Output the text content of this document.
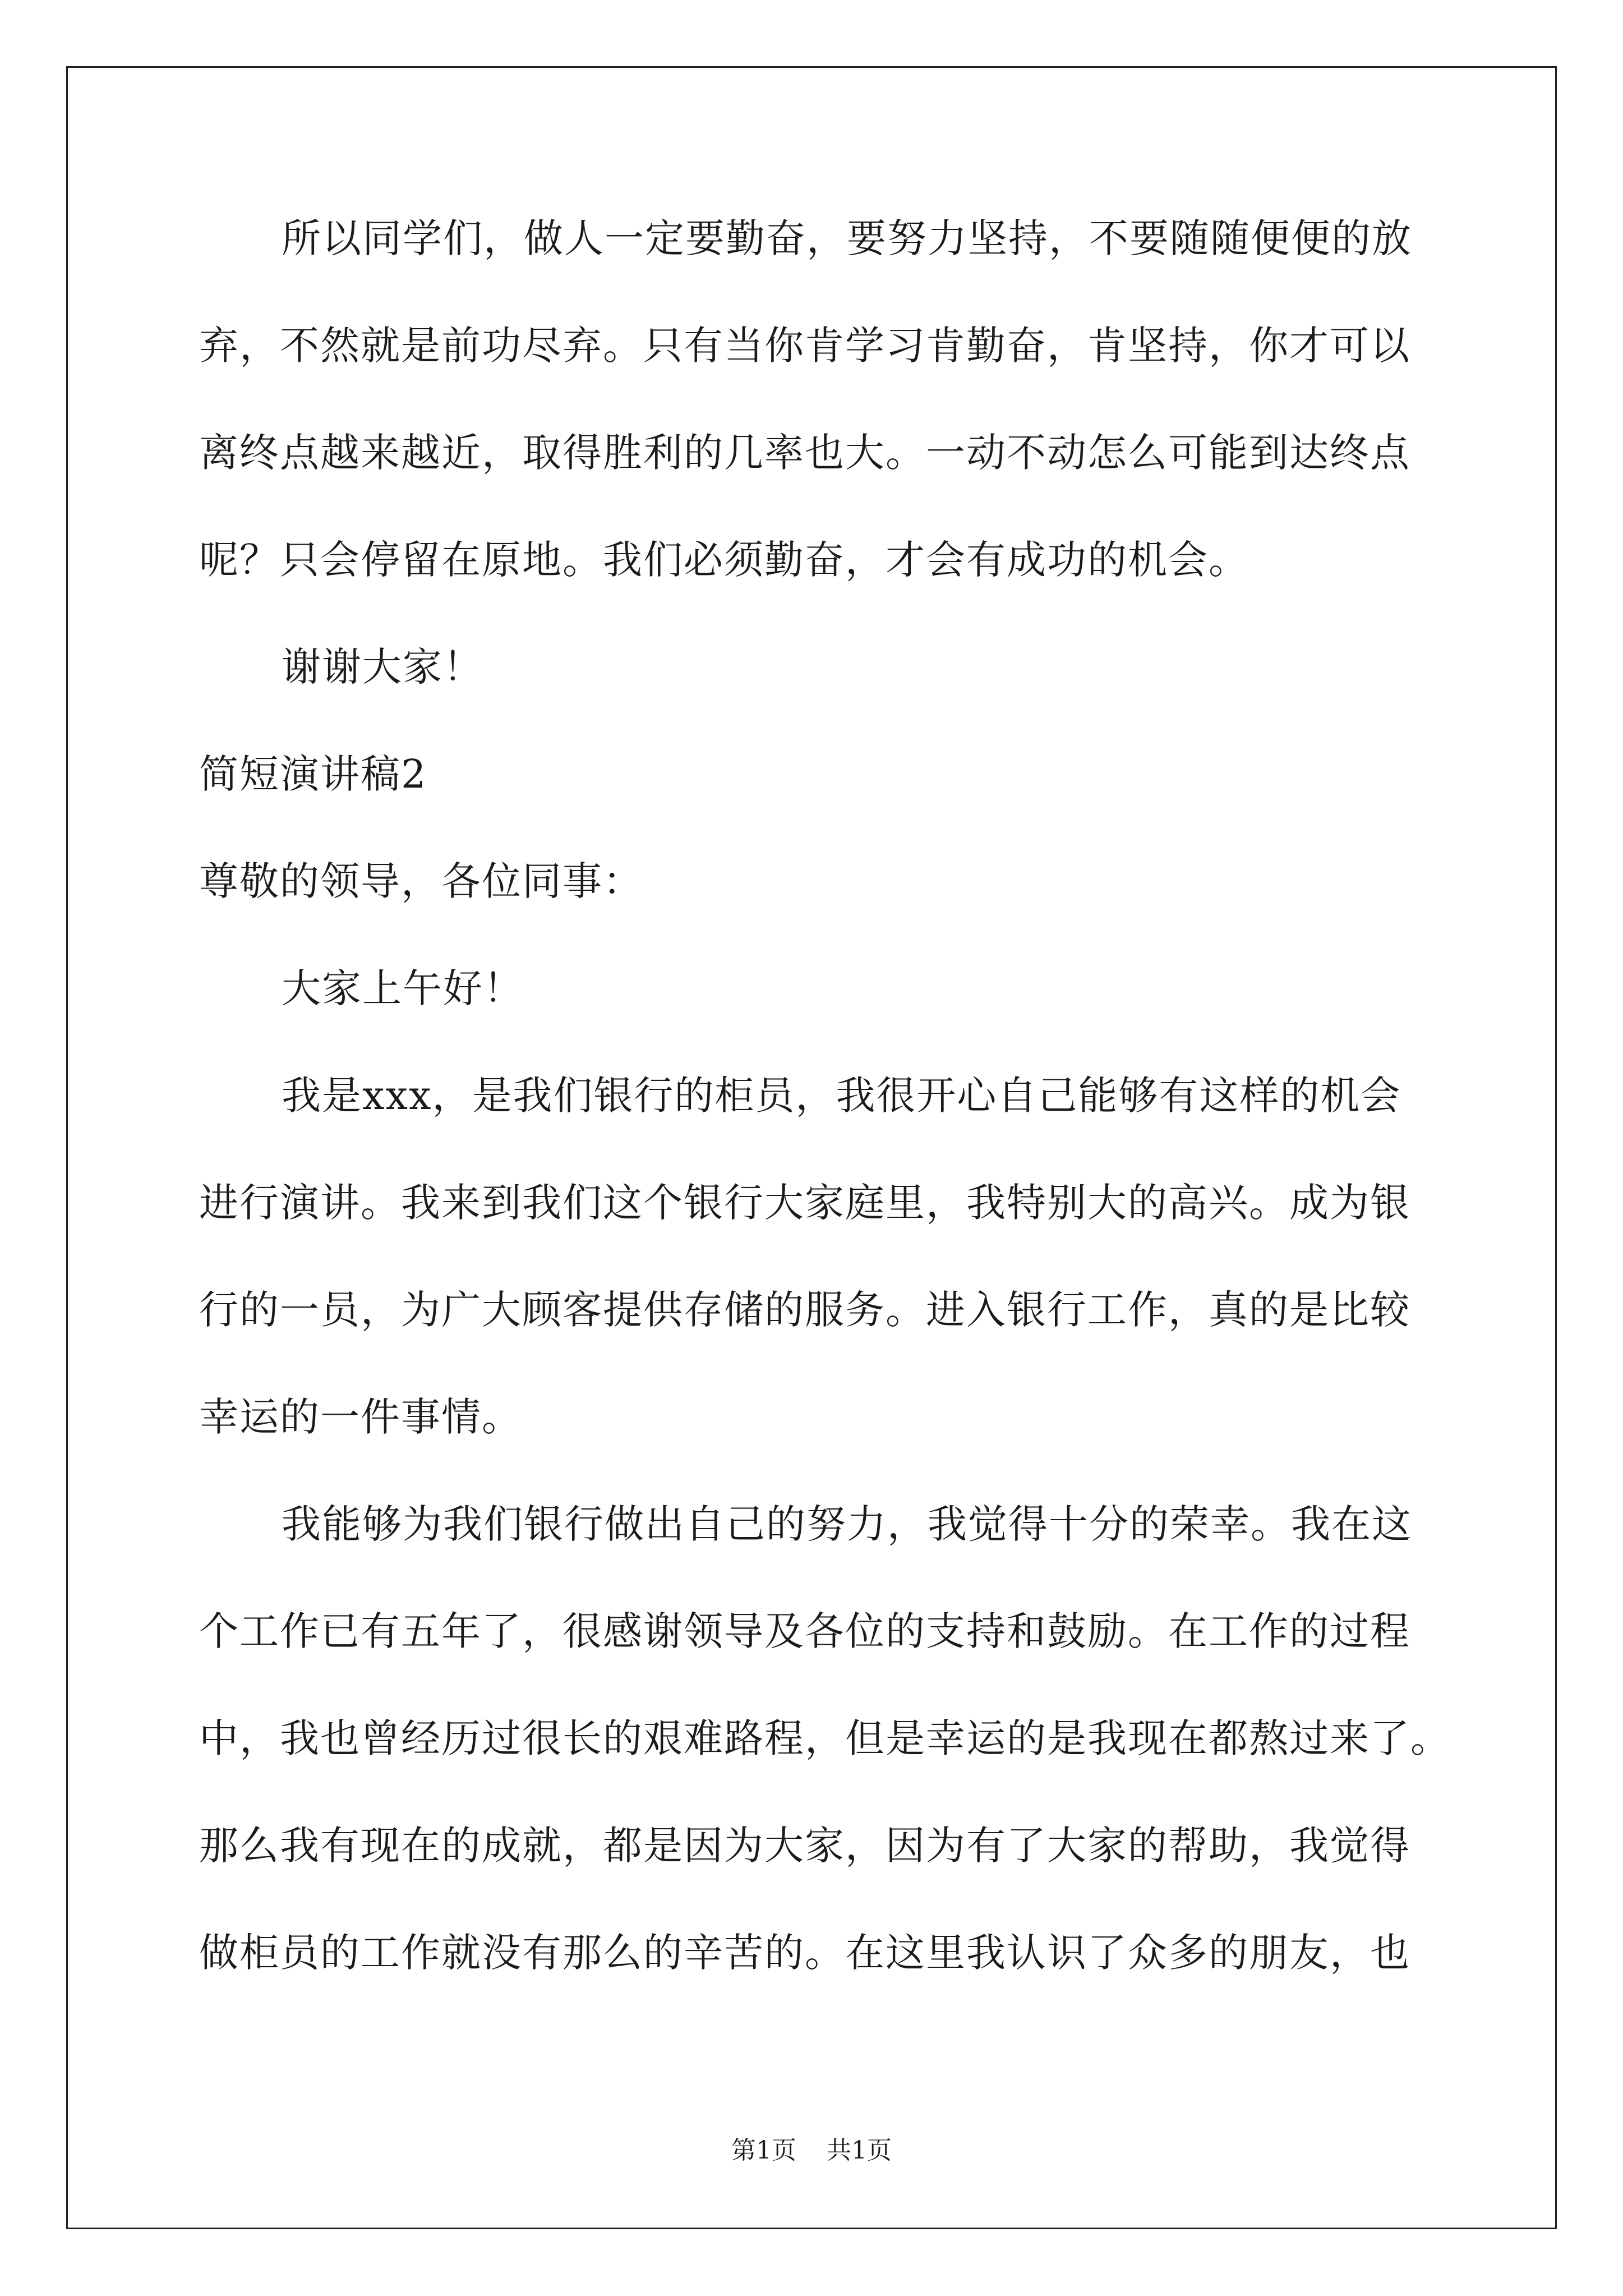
所以同学们，做人一定要勤奋，要努力坚持，不要随随便便的放

弃，不然就是前功尽弃。只有当你肯学习肯勤奋，肯坚持，你才可以

离终点越来越近，取得胜利的几率也大。一动不动怎么可能到达终点

呢？只会停留在原地。我们必须勤奋，才会有成功的机会。

谢谢大家！

简短演讲稿2

尊敬的领导，各位同事：

大家上午好！

我是xxx，是我们银行的柜员，我很开心自己能够有这样的机会

进行演讲。我来到我们这个银行大家庭里，我特别大的高兴。成为银

行的一员，为广大顾客提供存储的服务。进入银行工作，真的是比较

幸运的一件事情。

我能够为我们银行做出自己的努力，我觉得十分的荣幸。我在这

个工作已有五年了，很感谢领导及各位的支持和鼓励。在工作的过程

中，我也曾经历过很长的艰难路程，但是幸运的是我现在都熬过来了。

那么我有现在的成就，都是因为大家，因为有了大家的帮助，我觉得

做柜员的工作就没有那么的辛苦的。在这里我认识了众多的朋友，也

第1页 共1页
